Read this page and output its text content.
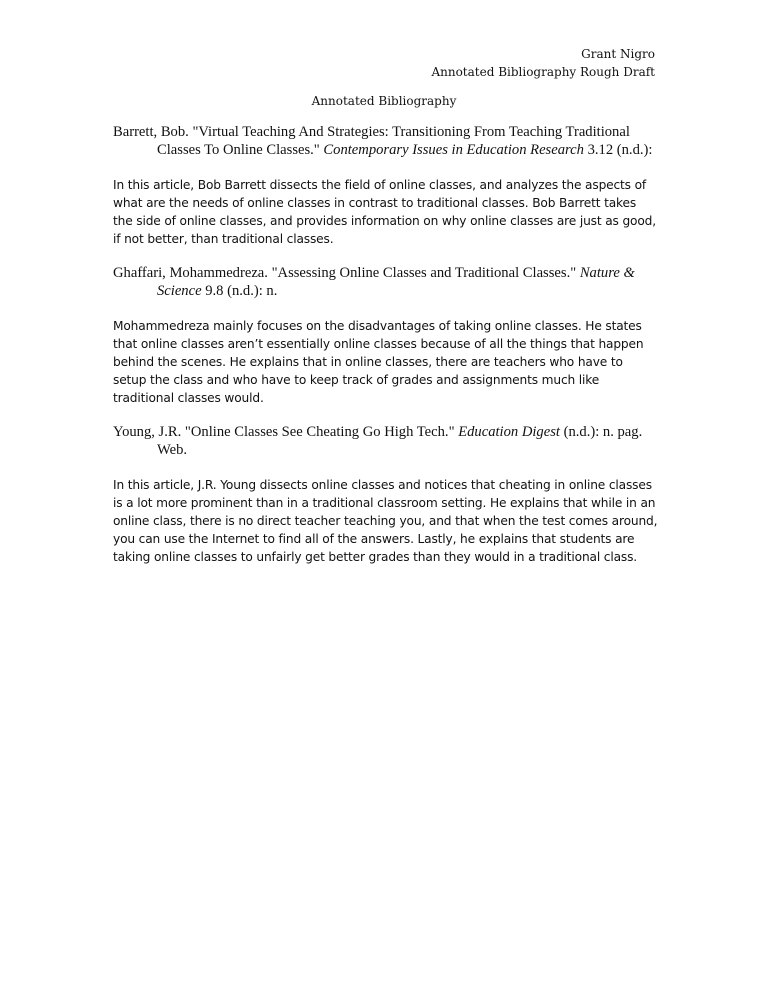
Grant Nigro
Annotated Bibliography Rough Draft
Annotated Bibliography

Barrett, Bob. "Virtual Teaching And Strategies: Transitioning From Teaching Traditional Classes To Online Classes." Contemporary Issues in Education Research 3.12 (n.d.):

In this article, Bob Barrett dissects the field of online classes, and analyzes the aspects of what are the needs of online classes in contrast to traditional classes. Bob Barrett takes the side of online classes, and provides information on why online classes are just as good, if not better, than traditional classes.

Ghaffari, Mohammedreza. "Assessing Online Classes and Traditional Classes." Nature & Science 9.8 (n.d.): n.

Mohammedreza mainly focuses on the disadvantages of taking online classes. He states that online classes aren’t essentially online classes because of all the things that happen behind the scenes. He explains that in online classes, there are teachers who have to setup the class and who have to keep track of grades and assignments much like traditional classes would.

Young, J.R. "Online Classes See Cheating Go High Tech." Education Digest (n.d.): n. pag. Web.

In this article, J.R. Young dissects online classes and notices that cheating in online classes is a lot more prominent than in a traditional classroom setting. He explains that while in an online class, there is no direct teacher teaching you, and that when the test comes around, you can use the Internet to find all of the answers. Lastly, he explains that students are taking online classes to unfairly get better grades than they would in a traditional class.
